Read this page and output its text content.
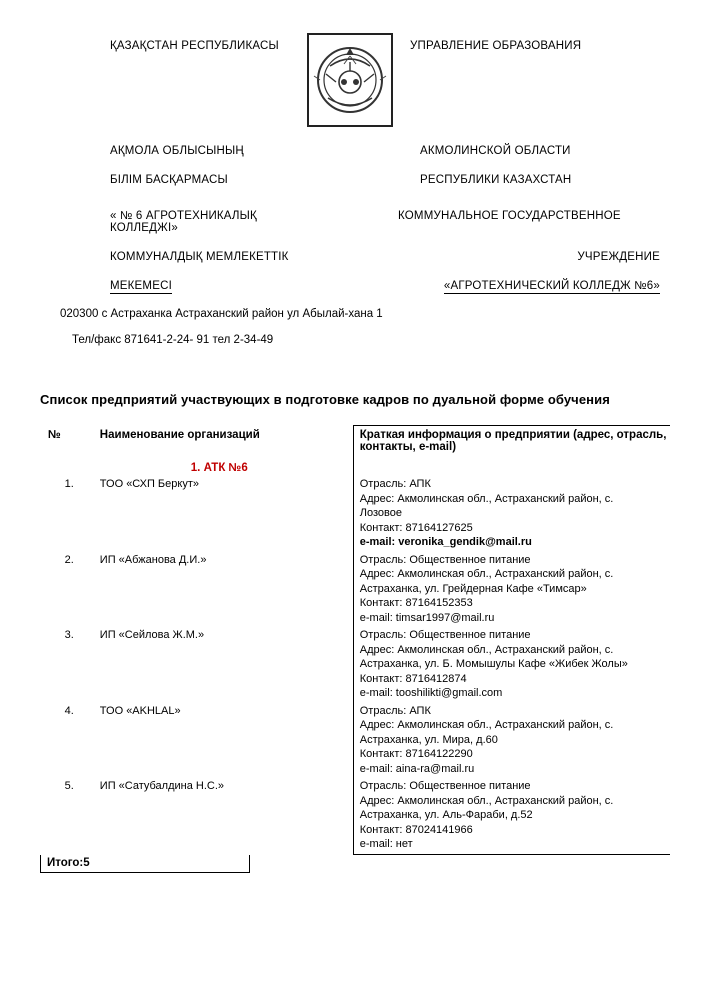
ҚАЗАҚСТАН РЕСПУБЛИКАСЫ	УПРАВЛЕНИЕ ОБРАЗОВАНИЯ
АҚМОЛА ОБЛЫСЫНЫҢ	АКМОЛИНСКОЙ ОБЛАСТИ
БІЛІМ БАСҚАРМАСЫ	РЕСПУБЛИКИ КАЗАХСТАН
« № 6 АГРОТЕХНИКАЛЫҚ КОЛЛЕДЖІ»
КОММУНАЛЬНОЕ ГОСУДАРСТВЕННОЕ
КОММУНАЛДЫҚ МЕМЛЕКЕТТІК	УЧРЕЖДЕНИЕ
МЕКЕМЕСІ	«АГРОТЕХНИЧЕСКИЙ КОЛЛЕДЖ №6»
020300 с Астраханка Астраханский район ул Абылай-хана 1
Тел/факс 871641-2-24- 91 тел 2-34-49
Список предприятий участвующих в подготовке кадров по дуальной форме обучения
№	Наименование организаций	Краткая информация о предприятии (адрес, отрасль, контакты, e-mail)
	1. АТК №6	
1.	ТОО «СХП Беркут»	Отрасль: АПК
Адрес: Акмолинская обл., Астраханский район, с.
Лозовое
Контакт: 87164127625
e-mail: veronika_gendik@mail.ru

2.	ИП «Абжанова Д.И.»	Отрасль: Общественное питание
Адрес: Акмолинская обл., Астраханский район, с.
Астраханка, ул. Грейдерная Кафе «Тимсар»
Контакт: 87164152353
e-mail: timsar1997@mail.ru

3.	ИП «Сейлова Ж.М.»	Отрасль: Общественное питание
Адрес: Акмолинская обл., Астраханский район, с.
Астраханка, ул. Б. Момышулы Кафе «Жибек Жолы»
Контакт: 8716412874
e-mail: tooshilikti@gmail.com

4.	ТОО «AKHLAL»	Отрасль: АПК
Адрес: Акмолинская обл., Астраханский район, с.
Астраханка, ул. Мира, д.60
Контакт: 87164122290
e-mail: aina-ra@mail.ru

5.	ИП «Сатубалдина Н.С.»	Отрасль: Общественное питание
Адрес: Акмолинская обл., Астраханский район, с.
Астраханка, ул. Аль-Фараби, д.52
Контакт: 87024141966
e-mail: нет
Итого:5
